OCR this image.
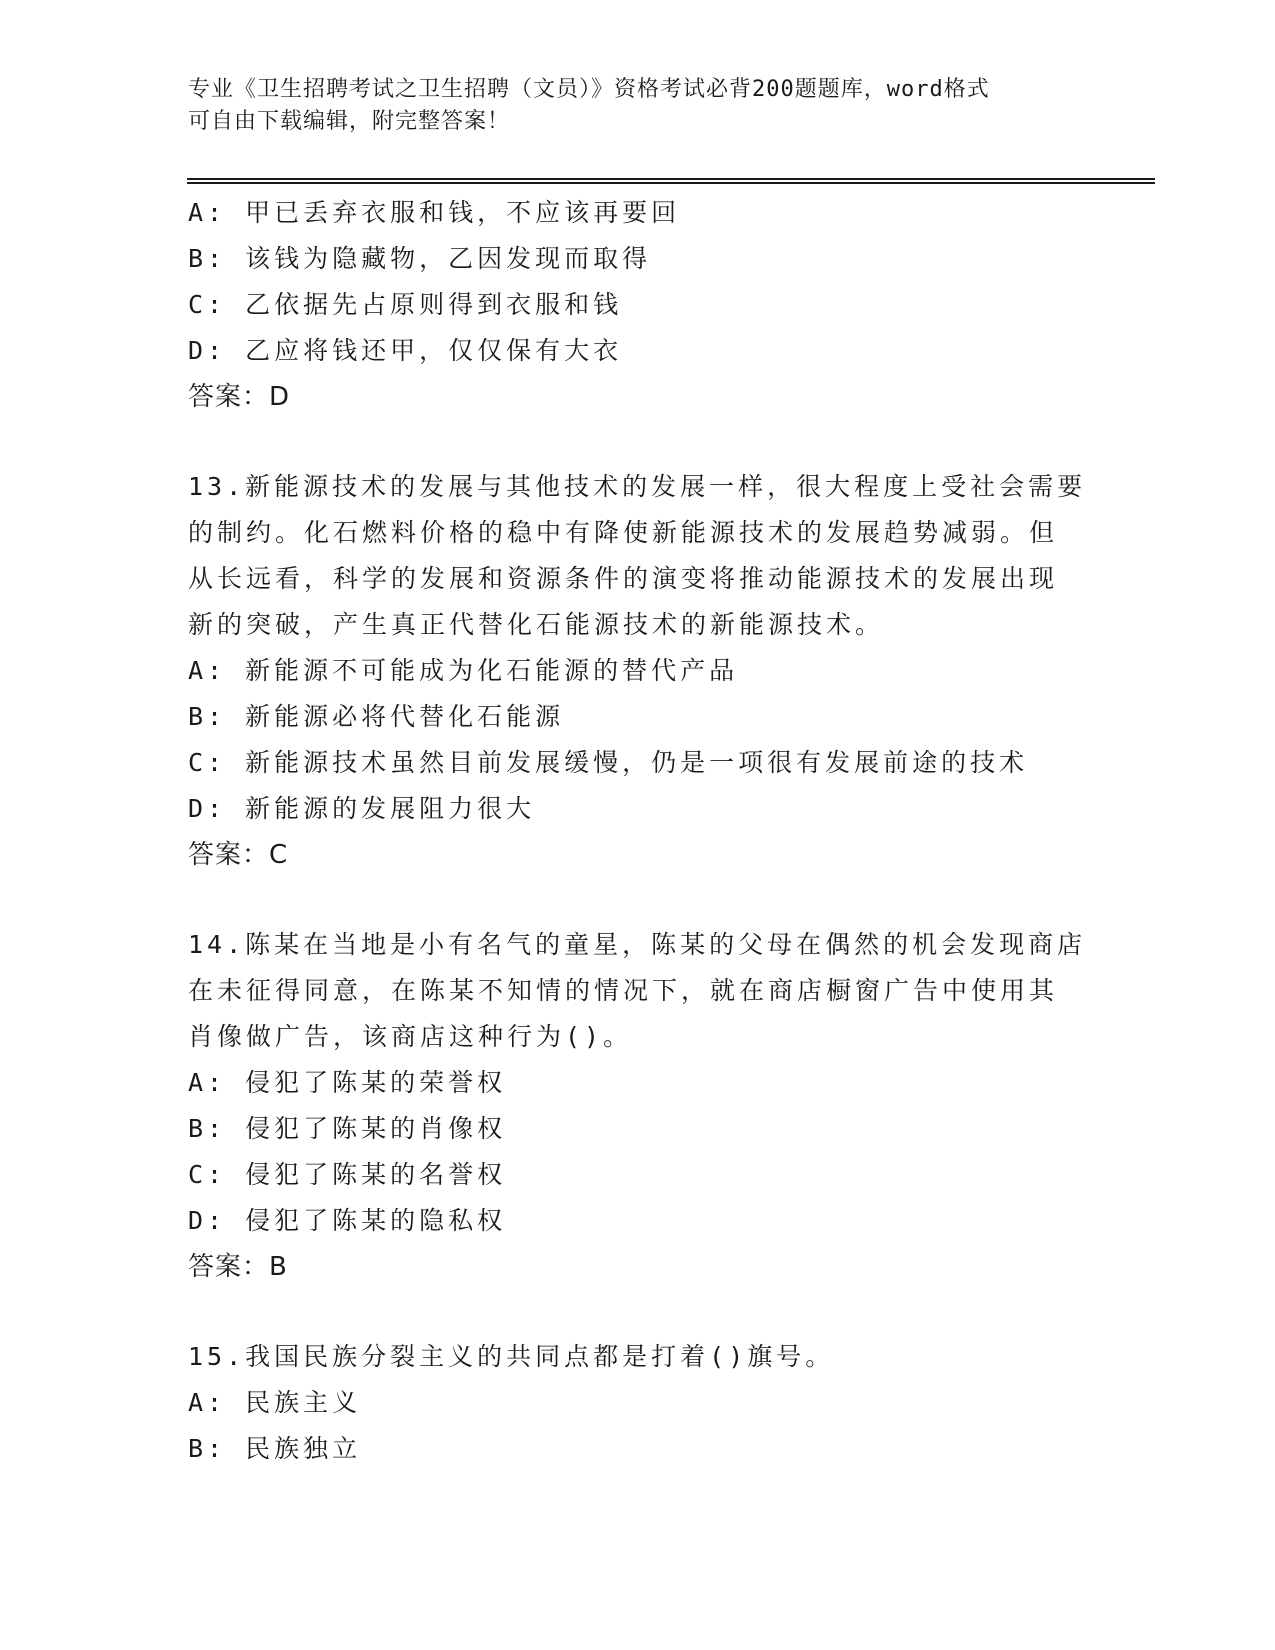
专业《卫生招聘考试之卫生招聘（文员）》资格考试必背200题题库，word格式
可自由下载编辑，附完整答案！
A: 甲已丢弃衣服和钱，不应该再要回
B: 该钱为隐藏物，乙因发现而取得
C: 乙依据先占原则得到衣服和钱
D: 乙应将钱还甲，仅仅保有大衣
答案：D
13.新能源技术的发展与其他技术的发展一样，很大程度上受社会需要
的制约。化石燃料价格的稳中有降使新能源技术的发展趋势减弱。但
从长远看，科学的发展和资源条件的演变将推动能源技术的发展出现
新的突破，产生真正代替化石能源技术的新能源技术。
A: 新能源不可能成为化石能源的替代产品
B: 新能源必将代替化石能源
C: 新能源技术虽然目前发展缓慢，仍是一项很有发展前途的技术
D: 新能源的发展阻力很大
答案：C
14.陈某在当地是小有名气的童星，陈某的父母在偶然的机会发现商店
在未征得同意，在陈某不知情的情况下，就在商店橱窗广告中使用其
肖像做广告，该商店这种行为()。
A: 侵犯了陈某的荣誉权
B: 侵犯了陈某的肖像权
C: 侵犯了陈某的名誉权
D: 侵犯了陈某的隐私权
答案：B
15.我国民族分裂主义的共同点都是打着()旗号。
A: 民族主义
B: 民族独立
